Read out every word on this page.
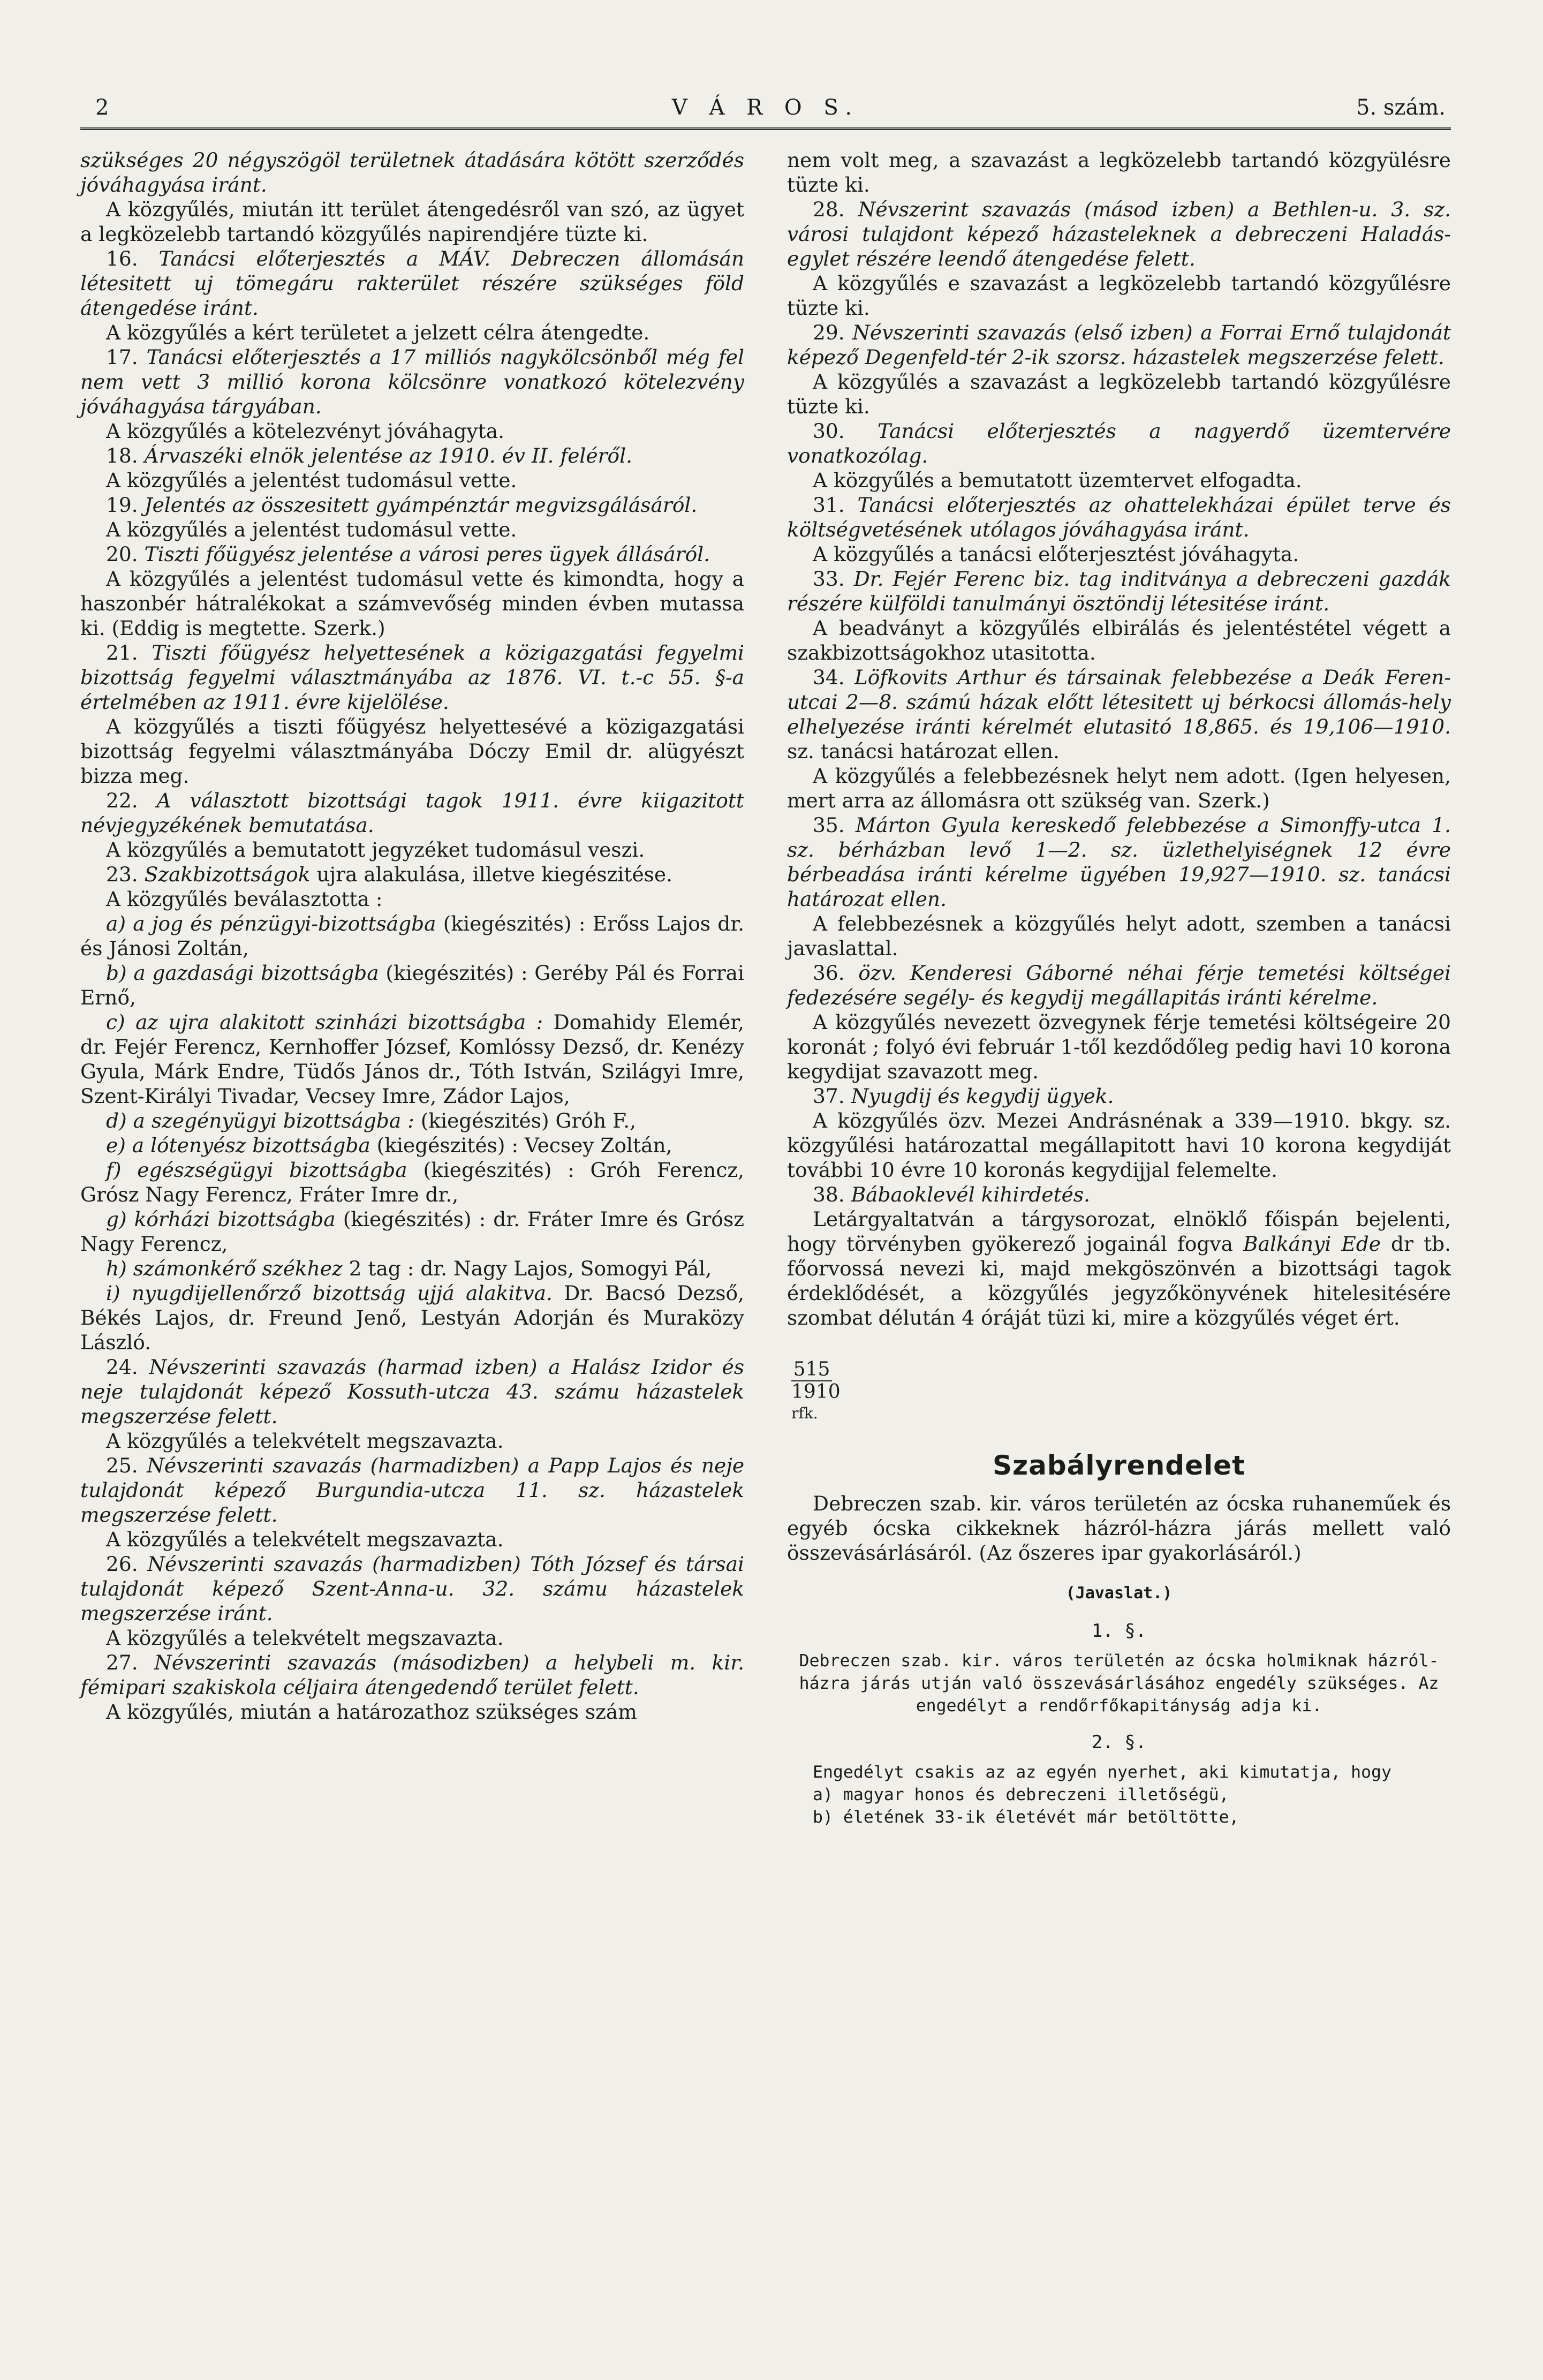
2	V Á R O S.	5. szám.

szükséges 20 négyszögöl területnek átadására kötött szerződés jóváhagyása iránt.

A közgyűlés, miután itt terület átengedésről van szó, az ügyet a legközelebb tartandó közgyűlés napirendjére tüzte ki.

16. Tanácsi előterjesztés a MÁV. Debreczen állomásán létesitett uj tömegáru rakterület részére szükséges föld átengedése iránt.

A közgyűlés a kért területet a jelzett célra átengedte.

17. Tanácsi előterjesztés a 17 milliós nagykölcsönből még fel nem vett 3 millió korona kölcsönre vonatkozó kötelezvény jóváhagyása tárgyában.

A közgyűlés a kötelezvényt jóváhagyta.

18. Árvaszéki elnök jelentése az 1910. év II. feléről.

A közgyűlés a jelentést tudomásul vette.

19. Jelentés az összesitett gyámpénztár megvizsgálásáról.

A közgyűlés a jelentést tudomásul vette.

20. Tiszti főügyész jelentése a városi peres ügyek állásáról.

A közgyűlés a jelentést tudomásul vette és kimondta, hogy a haszonbér hátralékokat a számvevőség minden évben mutassa ki. (Eddig is megtette. Szerk.)

21. Tiszti főügyész helyettesének a közigazgatási fegyelmi bizottság fegyelmi választmányába az 1876. VI. t.-c 55. §-a értelmében az 1911. évre kijelölése.

A közgyűlés a tiszti főügyész helyettesévé a közigazgatási bizottság fegyelmi választmányába Dóczy Emil dr. alügyészt bizza meg.

22. A választott bizottsági tagok 1911. évre kiigazitott névjegyzékének bemutatása.

A közgyűlés a bemutatott jegyzéket tudomásul veszi.

23. Szakbizottságok ujra alakulása, illetve kiegészitése.

A közgyűlés beválasztotta :

a) a jog és pénzügyi-bizottságba (kiegészités) : Erőss Lajos dr. és Jánosi Zoltán,

b) a gazdasági bizottságba (kiegészités) : Geréby Pál és Forrai Ernő,

c) az ujra alakitott szinházi bizottságba : Domahidy Elemér, dr. Fejér Ferencz, Kernhoffer József, Komlóssy Dezső, dr. Kenézy Gyula, Márk Endre, Tüdős János dr., Tóth István, Szilágyi Imre, Szent-Királyi Tivadar, Vecsey Imre, Zádor Lajos,

d) a szegényügyi bizottságba : (kiegészités) Gróh F.,

e) a lótenyész bizottságba (kiegészités) : Vecsey Zoltán,

f) egészségügyi bizottságba (kiegészités) : Gróh Ferencz, Grósz Nagy Ferencz, Fráter Imre dr.,

g) kórházi bizottságba (kiegészités) : dr. Fráter Imre és Grósz Nagy Ferencz,

h) számonkérő székhez 2 tag : dr. Nagy Lajos, Somogyi Pál,

i) nyugdijellenőrző bizottság ujjá alakitva. Dr. Bacsó Dezső, Békés Lajos, dr. Freund Jenő, Lestyán Adorján és Muraközy László.

24. Névszerinti szavazás (harmad izben) a Halász Izidor és neje tulajdonát képező Kossuth-utcza 43. számu házastelek megszerzése felett.

A közgyűlés a telekvételt megszavazta.

25. Névszerinti szavazás (harmadizben) a Papp Lajos és neje tulajdonát képező Burgundia-utcza 11. sz. házastelek megszerzése felett.

A közgyűlés a telekvételt megszavazta.

26. Névszerinti szavazás (harmadizben) Tóth József és társai tulajdonát képező Szent-Anna-u. 32. számu házastelek megszerzése iránt.

A közgyűlés a telekvételt megszavazta.

27. Névszerinti szavazás (másodizben) a helybeli m. kir. fémipari szakiskola céljaira átengedendő terület felett.

A közgyűlés, miután a határozathoz szükséges szám

nem volt meg, a szavazást a legközelebb tartandó közgyülésre tüzte ki.

28. Névszerint szavazás (másod izben) a Bethlen-u. 3. sz. városi tulajdont képező házasteleknek a debreczeni Haladás-egylet részére leendő átengedése felett.

A közgyűlés e szavazást a legközelebb tartandó közgyűlésre tüzte ki.

29. Névszerinti szavazás (első izben) a Forrai Ernő tulajdonát képező Degenfeld-tér 2-ik szorsz. házastelek megszerzése felett.

A közgyűlés a szavazást a legközelebb tartandó közgyűlésre tüzte ki.

30. Tanácsi előterjesztés a nagyerdő üzemtervére vonatkozólag.

A közgyűlés a bemutatott üzemtervet elfogadta.

31. Tanácsi előterjesztés az ohattelekházai épület terve és költségvetésének utólagos jóváhagyása iránt.

A közgyűlés a tanácsi előterjesztést jóváhagyta.

33. Dr. Fejér Ferenc biz. tag inditványa a debreczeni gazdák részére külföldi tanulmányi ösztöndij létesitése iránt.

A beadványt a közgyűlés elbirálás és jelentéstétel végett a szakbizottságokhoz utasitotta.

34. Löfkovits Arthur és társainak felebbezése a Deák Feren-utcai 2—8. számú házak előtt létesitett uj bérkocsi állomás-hely elhelyezése iránti kérelmét elutasitó 18,865. és 19,106—1910. sz. tanácsi határozat ellen.

A közgyűlés a felebbezésnek helyt nem adott. (Igen helyesen, mert arra az állomásra ott szükség van. Szerk.)

35. Márton Gyula kereskedő felebbezése a Simonffy-utca 1. sz. bérházban levő 1—2. sz. üzlethelyiségnek 12 évre bérbeadása iránti kérelme ügyében 19,927—1910. sz. tanácsi határozat ellen.

A felebbezésnek a közgyűlés helyt adott, szemben a tanácsi javaslattal.

36. özv. Kenderesi Gáborné néhai férje temetési költségei fedezésére segély- és kegydij megállapitás iránti kérelme.

A közgyűlés nevezett özvegynek férje temetési költségeire 20 koronát ; folyó évi február 1-től kezdődőleg pedig havi 10 korona kegydijat szavazott meg.

37. Nyugdij és kegydij ügyek.

A közgyűlés özv. Mezei Andrásnénak a 339—1910. bkgy. sz. közgyűlési határozattal megállapitott havi 10 korona kegydiját további 10 évre 10 koronás kegydijjal felemelte.

38. Bábaoklevél kihirdetés.

Letárgyaltatván a tárgysorozat, elnöklő főispán bejelenti, hogy törvényben gyökerező jogainál fogva Balkányi Ede dr tb. főorvossá nevezi ki, majd mekgöszönvén a bizottsági tagok érdeklődését, a közgyűlés jegyzőkönyvének hitelesitésére szombat délután 4 óráját tüzi ki, mire a közgyűlés véget ért.

515
$1910^{rfk.}$
Szabályrendelet

Debreczen szab. kir. város területén az ócska ruhaneműek és egyéb ócska cikkeknek házról-házra járás mellett való összevásárlásáról. (Az őszeres ipar gyakorlásáról.)

(Javaslat.)
1. §.

Debreczen szab. kir. város területén az ócska holmiknak házról-házra járás utján való összevásárlásához engedély szükséges. Az engedélyt a rendőrfőkapitányság adja ki.

2. §.

Engedélyt csakis az az egyén nyerhet, aki kimutatja, hogy

a) magyar honos és debreczeni illetőségü,

b) életének 33-ik életévét már betöltötte,
